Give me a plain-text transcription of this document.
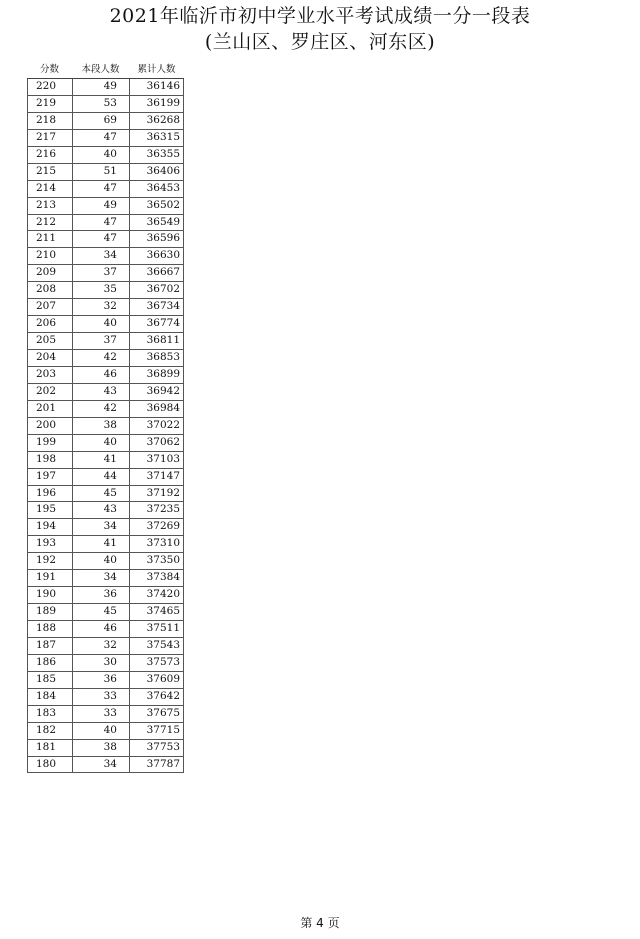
2021年临沂市初中学业水平考试成绩一分一段表
(兰山区、罗庄区、河东区)
分数	本段人数	累计人数
220	49	36146
219	53	36199
218	69	36268
217	47	36315
216	40	36355
215	51	36406
214	47	36453
213	49	36502
212	47	36549
211	47	36596
210	34	36630
209	37	36667
208	35	36702
207	32	36734
206	40	36774
205	37	36811
204	42	36853
203	46	36899
202	43	36942
201	42	36984
200	38	37022
199	40	37062
198	41	37103
197	44	37147
196	45	37192
195	43	37235
194	34	37269
193	41	37310
192	40	37350
191	34	37384
190	36	37420
189	45	37465
188	46	37511
187	32	37543
186	30	37573
185	36	37609
184	33	37642
183	33	37675
182	40	37715
181	38	37753
180	34	37787
第 4 页
